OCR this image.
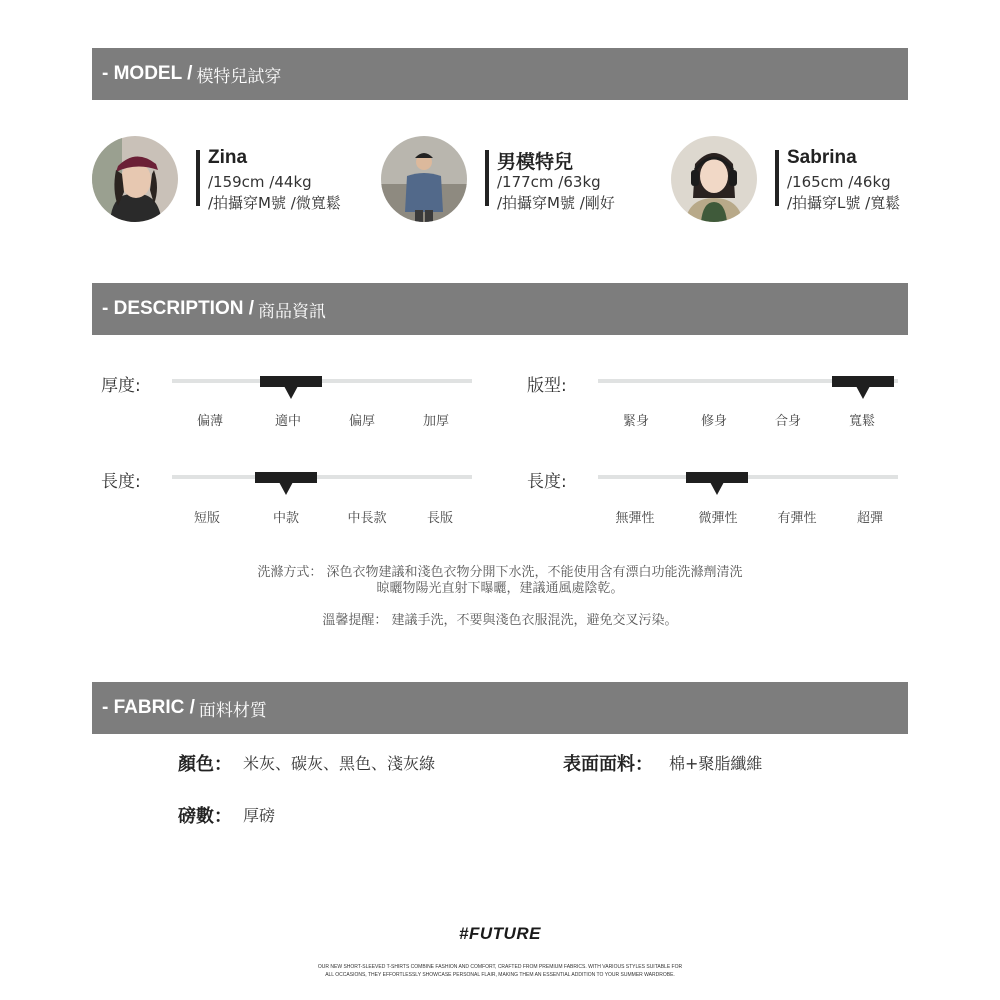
- MODEL / 模特兒試穿
Zina
/159cm /44kg
/拍攝穿M號 /微寬鬆
男模特兒
/177cm /63kg
/拍攝穿M號 /剛好
Sabrina
/165cm /46kg
/拍攝穿L號 /寬鬆
- DESCRIPTION / 商品資訊
厚度:
偏薄	適中	偏厚	加厚
版型:
緊身	修身	合身	寬鬆
長度:
短版	中款	中長款	長版
長度:
無彈性	微彈性	有彈性	超彈
洗滌方式： 深色衣物建議和淺色衣物分開下水洗，不能使用含有漂白功能洗滌劑清洗
晾曬物陽光直射下曝曬，建議通風處陰乾。
溫馨提醒： 建議手洗，不要與淺色衣服混洗，避免交叉污染。
- FABRIC / 面料材質
顏色： 米灰、碳灰、黑色、淺灰綠	表面面料： 棉+聚脂纖維
磅數： 厚磅
#FUTURE
OUR NEW SHORT-SLEEVED T-SHIRTS COMBINE FASHION AND COMFORT, CRAFTED FROM PREMIUM FABRICS. WITH VARIOUS STYLES SUITABLE FOR
ALL OCCASIONS, THEY EFFORTLESSLY SHOWCASE PERSONAL FLAIR, MAKING THEM AN ESSENTIAL ADDITION TO YOUR SUMMER WARDROBE.
